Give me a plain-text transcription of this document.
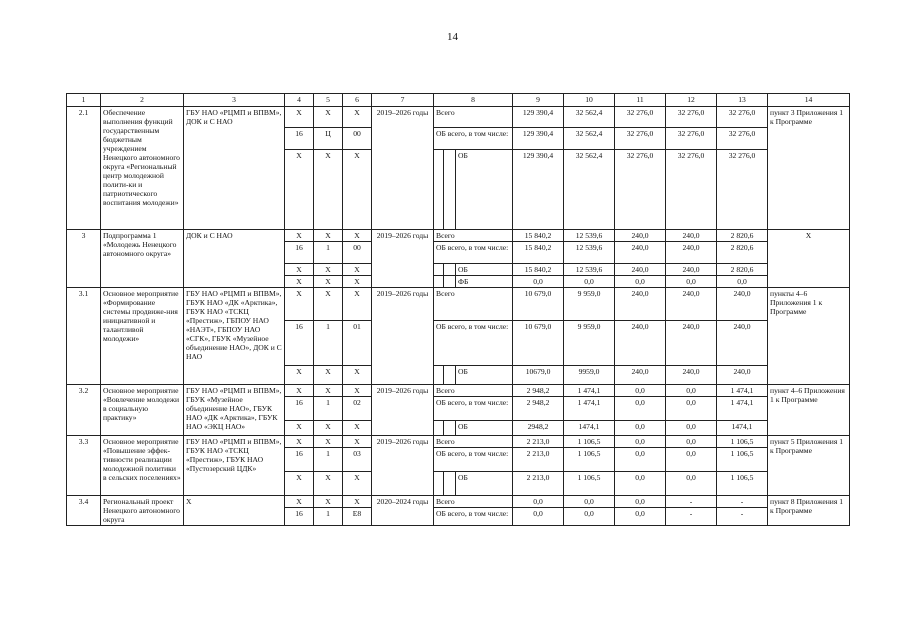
14
1	2	3	4	5	6	7	8			9	10	11	12	13	14
2.1	Обеспечение выполнения функций государственным бюджетным учреждением Ненецкого автономного округа «Региональный центр молодежной полити-ки и патриотического воспитания молодежи»	ГБУ НАО «РЦМП и ВПВМ», ДОК и С НАО	Х	Х	Х	2019–2026 годы	Всего			129 390,4	32 562,4	32 276,0	32 276,0	32 276,0	пункт 3 Приложения 1 к Программе
			16	Ц	00		ОБ всего, в том числе:			129 390,4	32 562,4	32 276,0	32 276,0	32 276,0	
			Х	Х	Х				ОБ	129 390,4	32 562,4	32 276,0	32 276,0	32 276,0	
3	Подпрограмма 1 «Молодежь Ненецкого автономного округа»	ДОК и С НАО	Х	Х	Х	2019–2026 годы	Всего			15 840,2	12 539,6	240,0	240,0	2 820,6	Х
			16	1	00		ОБ всего, в том числе:			15 840,2	12 539,6	240,0	240,0	2 820,6	
			Х	Х	Х				ОБ	15 840,2	12 539,6	240,0	240,0	2 820,6	
			Х	Х	Х				ФБ	0,0	0,0	0,0	0,0	0,0	
3.1	Основное мероприятие «Формирование системы продвиже-ния инициативной и талантливой молодежи»	ГБУ НАО «РЦМП и ВПВМ», ГБУК НАО «ДК «Арктика», ГБУК НАО «ТСКЦ «Престиж», ГБПОУ НАО «НАЭТ», ГБПОУ НАО «СГК», ГБУК «Музейное объединение НАО», ДОК и С НАО	Х	Х	Х	2019–2026 годы	Всего			10 679,0	9 959,0	240,0	240,0	240,0	пункты 4–6 Приложения 1 к Программе
			16	1	01		ОБ всего, в том числе:			10 679,0	9 959,0	240,0	240,0	240,0	
			Х	Х	Х				ОБ	10679,0	9959,0	240,0	240,0	240,0	
3.2	Основное мероприятие «Вовлечение молодежи в социальную практику»	ГБУ НАО «РЦМП и ВПВМ», ГБУК «Музейное объединение НАО», ГБУК НАО «ДК «Арктика», ГБУК НАО «ЭКЦ НАО»	Х	Х	Х	2019–2026 годы	Всего			2 948,2	1 474,1	0,0	0,0	1 474,1	пункт 4–6 Приложения 1 к Программе
			16	1	02		ОБ всего, в том числе:			2 948,2	1 474,1	0,0	0,0	1 474,1	
			Х	Х	Х				ОБ	2948,2	1474,1	0,0	0,0	1474,1	
3.3	Основное мероприятие «Повышение эффек-тивности реализации молодежной политики в сельских поселениях»	ГБУ НАО «РЦМП и ВПВМ», ГБУК НАО «ТСКЦ «Престиж», ГБУК НАО «Пустозерский ЦДК»	Х	Х	Х	2019–2026 годы	Всего			2 213,0	1 106,5	0,0	0,0	1 106,5	пункт 5 Приложения 1 к Программе
			16	1	03		ОБ всего, в том числе:			2 213,0	1 106,5	0,0	0,0	1 106,5	
			Х	Х	Х				ОБ	2 213,0	1 106,5	0,0	0,0	1 106,5	
3.4	Региональный проект Ненецкого автономного округа	Х	Х	Х	Х	2020–2024 годы	Всего			0,0	0,0	0,0	-	-	пункт 8 Приложения 1 к Программе
			16	1	Е8		ОБ всего, в том числе:			0,0	0,0	0,0	-	-	
